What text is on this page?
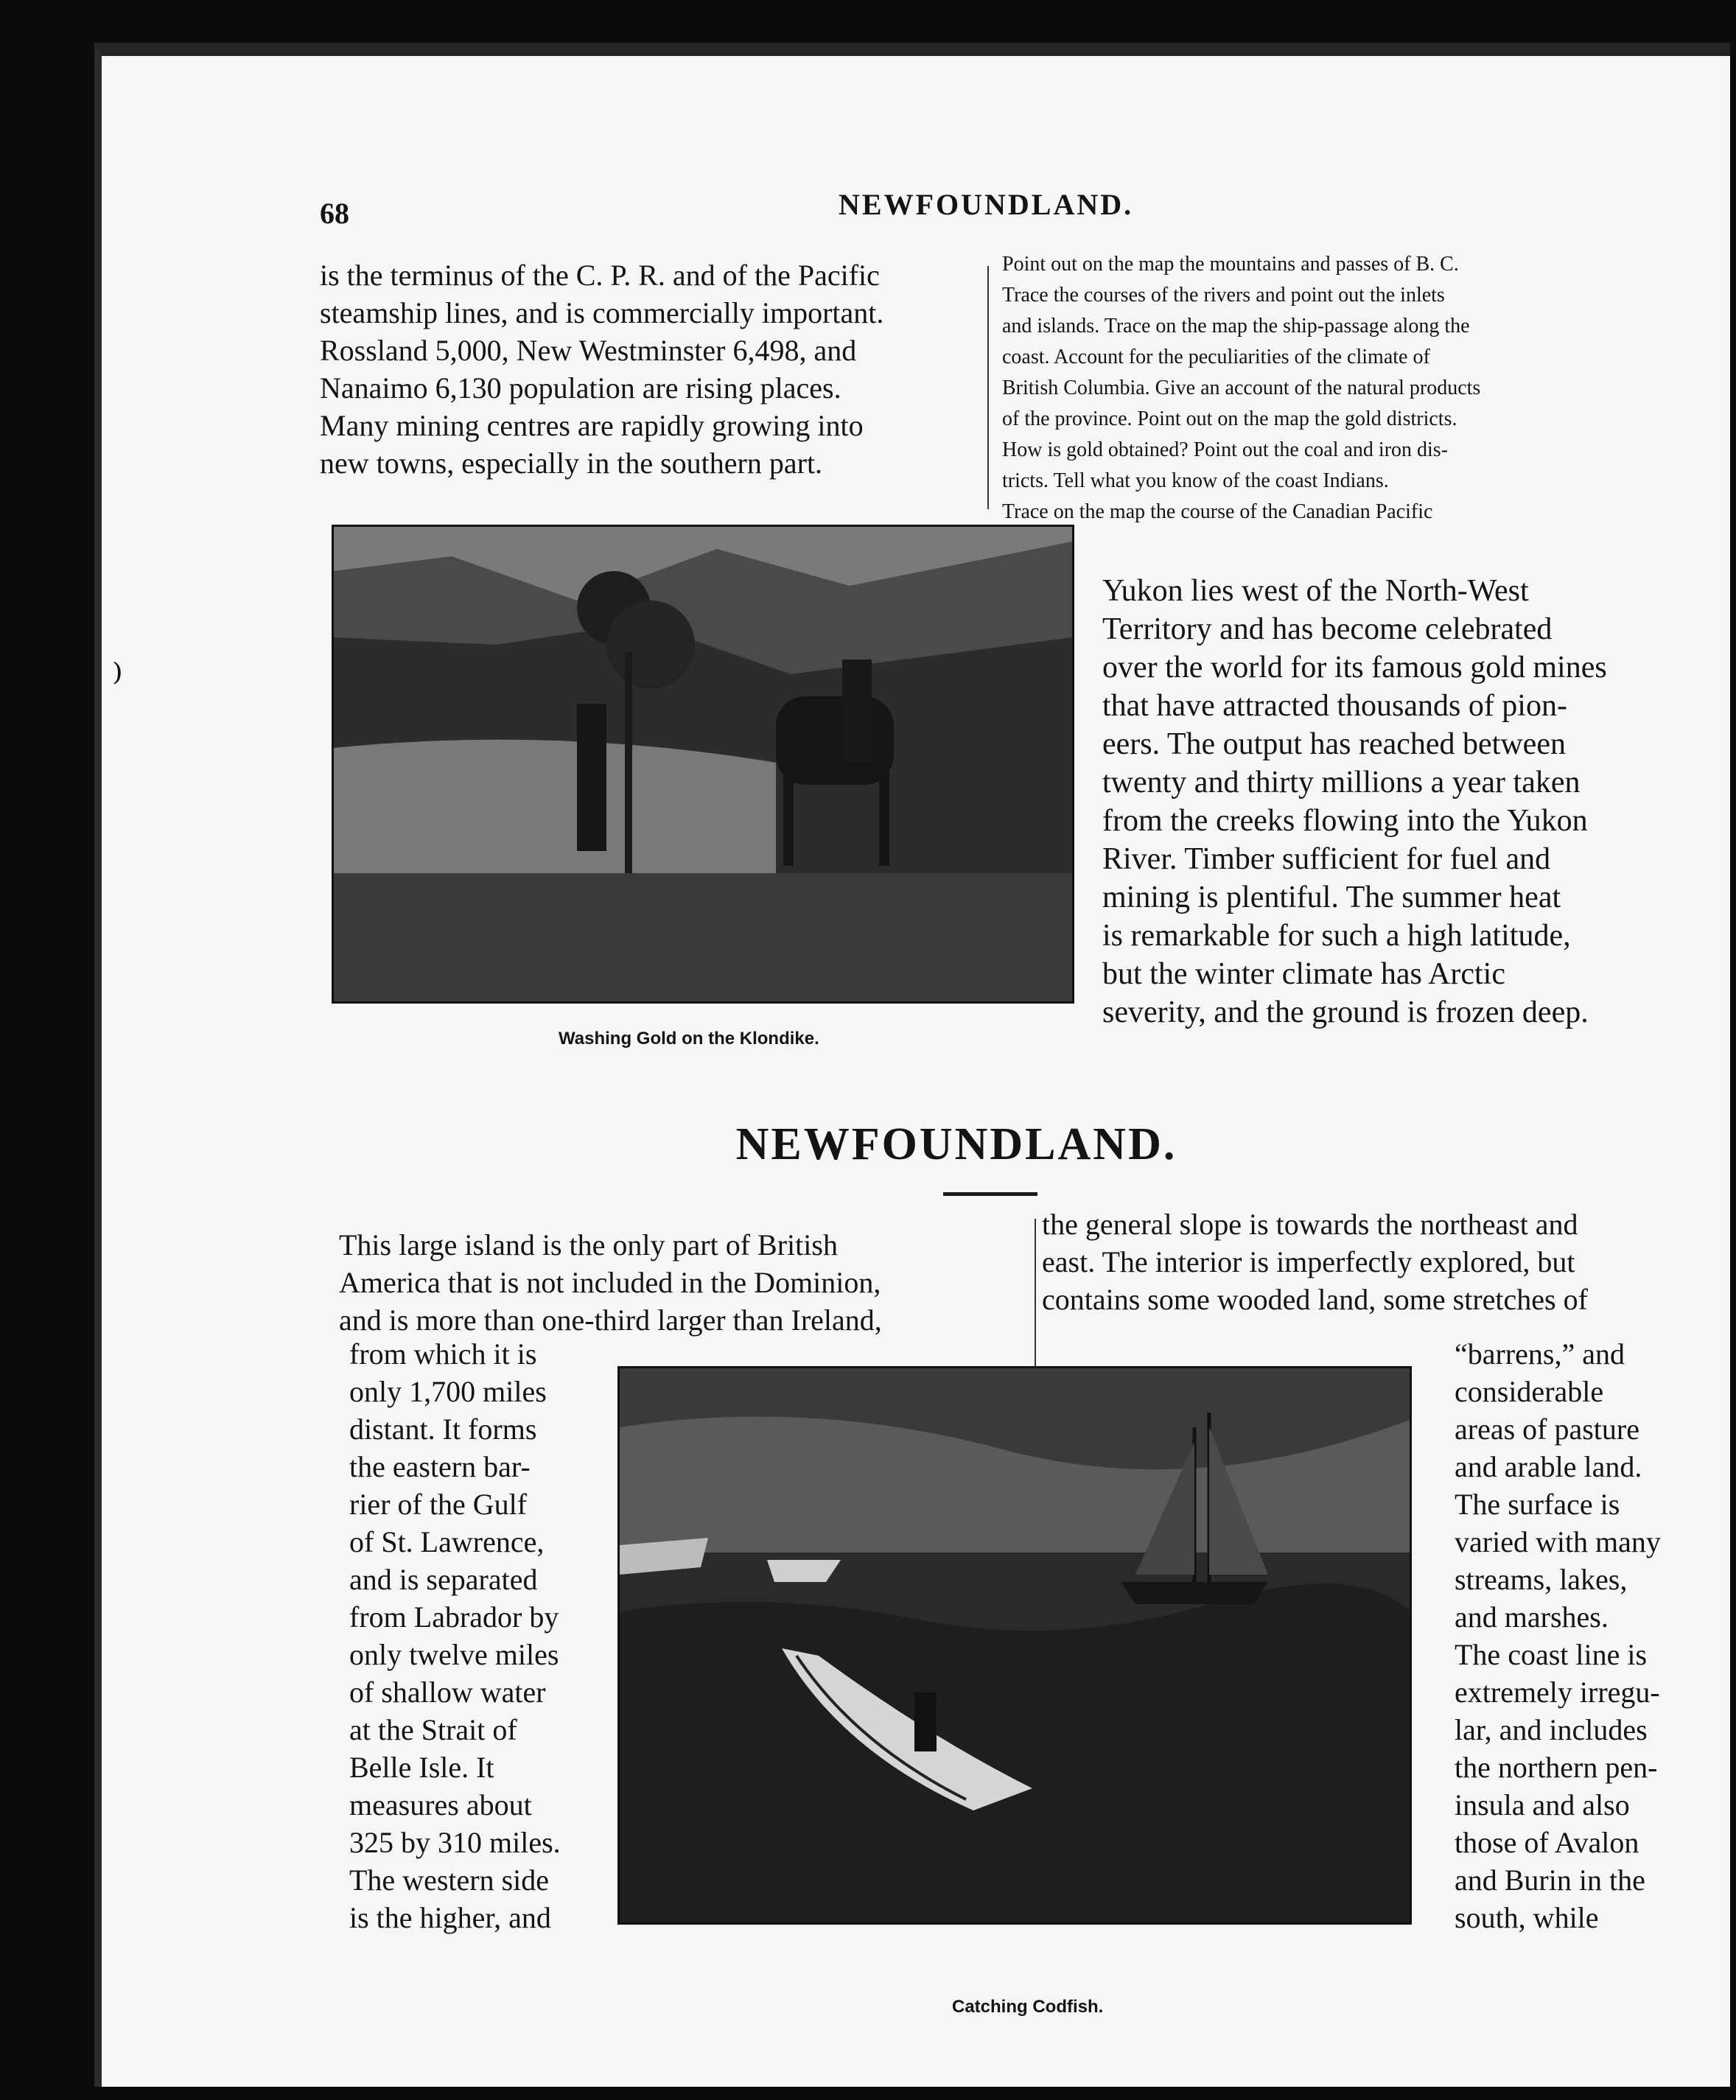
68	NEWFOUNDLAND.

is the terminus of the C. P. R. and of the Pacific

steamship lines, and is commercially important.

Rossland 5,000, New Westminster 6,498, and

Nanaimo 6,130 population are rising places.

Many mining centres are rapidly growing into

new towns, especially in the southern part.

Point out on the map the mountains and passes of B. C.

Trace the courses of the rivers and point out the inlets

and islands. Trace on the map the ship-passage along the

coast. Account for the peculiarities of the climate of

British Columbia. Give an account of the natural products

of the province. Point out on the map the gold districts.

How is gold obtained? Point out the coal and iron dis-

tricts. Tell what you know of the coast Indians.

Trace on the map the course of the Canadian Pacific

Washing Gold on the Klondike.

Yukon lies west of the North-West

Territory and has become celebrated

over the world for its famous gold mines

that have attracted thousands of pion-

eers. The output has reached between

twenty and thirty millions a year taken

from the creeks flowing into the Yukon

River. Timber sufficient for fuel and

mining is plentiful. The summer heat

is remarkable for such a high latitude,

but the winter climate has Arctic

severity, and the ground is frozen deep.

NEWFOUNDLAND.

This large island is the only part of British

America that is not included in the Dominion,

and is more than one-third larger than Ireland,

the general slope is towards the northeast and

east. The interior is imperfectly explored, but

contains some wooded land, some stretches of

from which it is

only 1,700 miles

distant. It forms

the eastern bar-

rier of the Gulf

of St. Lawrence,

and is separated

from Labrador by

only twelve miles

of shallow water

at the Strait of

Belle Isle. It

measures about

325 by 310 miles.

The western side

is the higher, and

Catching Codfish.

“barrens,” and

considerable

areas of pasture

and arable land.

The surface is

varied with many

streams, lakes,

and marshes.

The coast line is

extremely irregu-

lar, and includes

the northern pen-

insula and also

those of Avalon

and Burin in the

south, while

⁾
